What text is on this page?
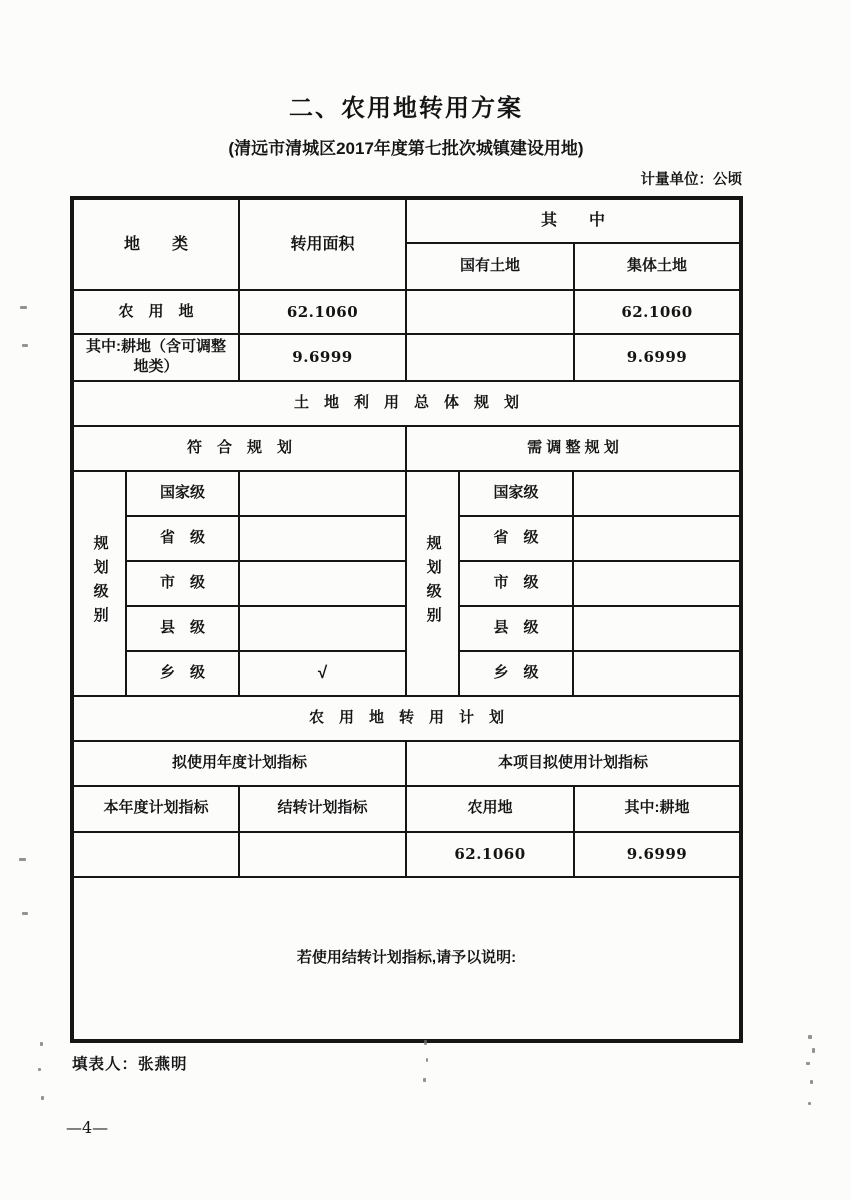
二、农用地转用方案
(清远市清城区2017年度第七批次城镇建设用地)
计量单位：公顷
地　　类	转用面积	其　　中	
		国有土地	集体土地
农　用　地	62.1060		62.1060
其中:耕地（含可调整地类）	9.6999		9.6999
土　地　利　用　总　体　规　划
符　合　规　划			需 调 整 规 划		

规划级别	国家级		规划级别	国家级	
	省　级			省　级	
	市　级			市　级	
	县　级			县　级	
	乡　级	√		乡　级	
农　用　地　转　用　计　划
拟使用年度计划指标		本项目拟使用计划指标	
本年度计划指标	结转计划指标	农用地	其中:耕地
		62.1060	9.6999
若使用结转计划指标,请予以说明:
填表人：张燕明
—4—
